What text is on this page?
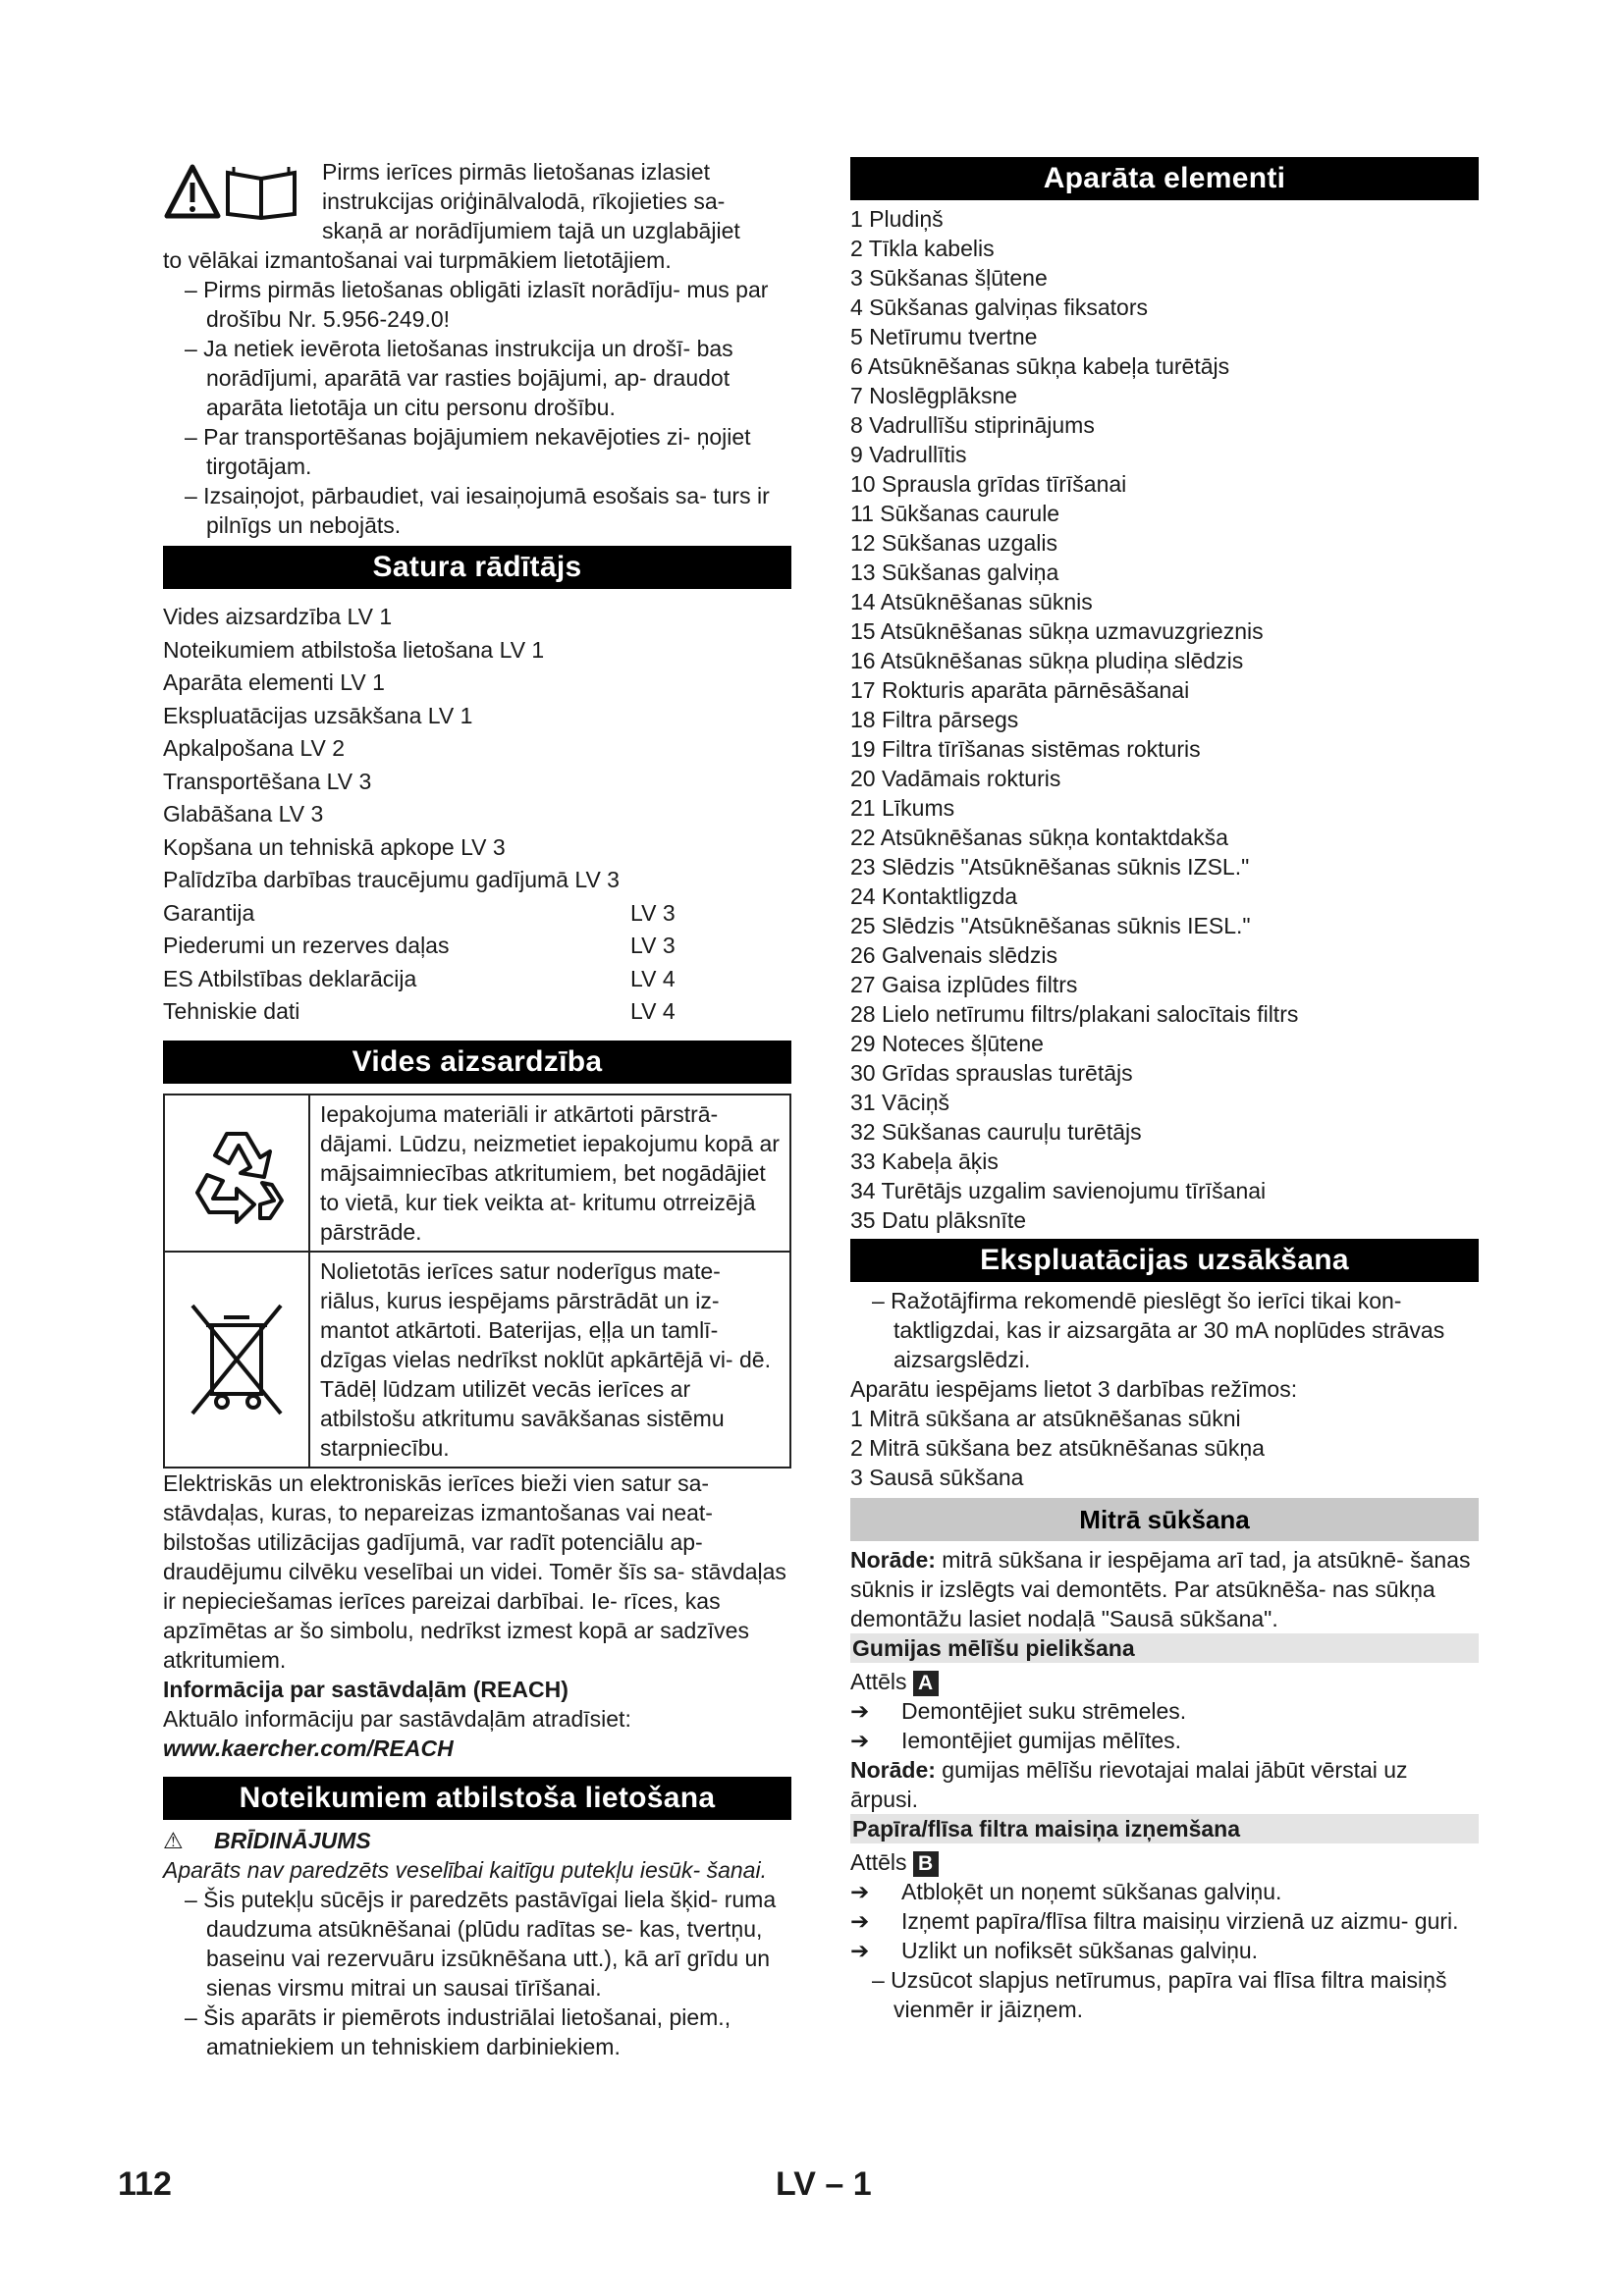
Pirms ierīces pirmās lietošanas izlasiet

instrukcijas oriģinālvalodā, rīkojieties sa-

skaņā ar norādījumiem tajā un uzglabājiet

to vēlākai izmantošanai vai turpmākiem lietotājiem.

– Pirms pirmās lietošanas obligāti izlasīt norādīju- mus par drošību Nr. 5.956-249.0!

– Ja netiek ievērota lietošanas instrukcija un drošī- bas norādījumi, aparātā var rasties bojājumi, ap- draudot aparāta lietotāja un citu personu drošību.

– Par transportēšanas bojājumiem nekavējoties zi- ņojiet tirgotājam.

– Izsaiņojot, pārbaudiet, vai iesaiņojumā esošais sa- turs ir pilnīgs un nebojāts.

Satura rādītājs
Vides aizsardzība LV 1
Noteikumiem atbilstoša lietošana LV 1
Aparāta elementi LV 1
Ekspluatācijas uzsākšana LV 1
Apkalpošana LV 2
Transportēšana LV 3
Glabāšana LV 3
Kopšana un tehniskā apkope LV 3
Palīdzība darbības traucējumu gadījumā LV 3
Garantija	LV 3
Piederumi un rezerves daļas	LV 3
ES Atbilstības deklarācija	LV 4
Tehniskie dati	LV 4
Vides aizsardzība
Iepakojuma materiāli ir atkārtoti pārstrā- dājami. Lūdzu, neizmetiet iepakojumu kopā ar mājsaimniecības atkritumiem, bet nogādājiet to vietā, kur tiek veikta at- kritumu otrreizējā pārstrāde.
Nolietotās ierīces satur noderīgus mate- riālus, kurus iespējams pārstrādāt un iz- mantot atkārtoti. Baterijas, eļļa un tamlī- dzīgas vielas nedrīkst noklūt apkārtējā vi- dē. Tādēļ lūdzam utilizēt vecās ierīces ar atbilstošu atkritumu savākšanas sistēmu starpniecību.

Elektriskās un elektroniskās ierīces bieži vien satur sa- stāvdaļas, kuras, to nepareizas izmantošanas vai neat- bilstošas utilizācijas gadījumā, var radīt potenciālu ap- draudējumu cilvēku veselībai un videi. Tomēr šīs sa- stāvdaļas ir nepieciešamas ierīces pareizai darbībai. Ie- rīces, kas apzīmētas ar šo simbolu, nedrīkst izmest kopā ar sadzīves atkritumiem.

Informācija par sastāvdaļām (REACH)

Aktuālo informāciju par sastāvdaļām atradīsiet:

www.kaercher.com/REACH

Noteikumiem atbilstoša lietošana
⚠	BRĪDINĀJUMS

Aparāts nav paredzēts veselībai kaitīgu putekļu iesūk- šanai.

– Šis putekļu sūcējs ir paredzēts pastāvīgai liela šķid- ruma daudzuma atsūknēšanai (plūdu radītas se- kas, tvertņu, baseinu vai rezervuāru izsūknēšana utt.), kā arī grīdu un sienas virsmu mitrai un sausai tīrīšanai.

– Šis aparāts ir piemērots industriālai lietošanai, piem., amatniekiem un tehniskiem darbiniekiem.

Aparāta elementi

1 Pludiņš

2 Tīkla kabelis

3 Sūkšanas šļūtene

4 Sūkšanas galviņas fiksators

5 Netīrumu tvertne

6 Atsūknēšanas sūkņa kabeļa turētājs

7 Noslēgplāksne

8 Vadrullīšu stiprinājums

9 Vadrullītis

10 Sprausla grīdas tīrīšanai

11 Sūkšanas caurule

12 Sūkšanas uzgalis

13 Sūkšanas galviņa

14 Atsūknēšanas sūknis

15 Atsūknēšanas sūkņa uzmavuzgrieznis

16 Atsūknēšanas sūkņa pludiņa slēdzis

17 Rokturis aparāta pārnēsāšanai

18 Filtra pārsegs

19 Filtra tīrīšanas sistēmas rokturis

20 Vadāmais rokturis

21 Līkums

22 Atsūknēšanas sūkņa kontaktdakša

23 Slēdzis "Atsūknēšanas sūknis IZSL."

24 Kontaktligzda

25 Slēdzis "Atsūknēšanas sūknis IESL."

26 Galvenais slēdzis

27 Gaisa izplūdes filtrs

28 Lielo netīrumu filtrs/plakani salocītais filtrs

29 Noteces šļūtene

30 Grīdas sprauslas turētājs

31 Vāciņš

32 Sūkšanas cauruļu turētājs

33 Kabeļa āķis

34 Turētājs uzgalim savienojumu tīrīšanai

35 Datu plāksnīte

Ekspluatācijas uzsākšana

– Ražotājfirma rekomendē pieslēgt šo ierīci tikai kon- taktligzdai, kas ir aizsargāta ar 30 mA noplūdes strāvas aizsargslēdzi.

Aparātu iespējams lietot 3 darbības režīmos:

1 Mitrā sūkšana ar atsūknēšanas sūkni

2 Mitrā sūkšana bez atsūknēšanas sūkņa

3 Sausā sūkšana

Mitrā sūkšana

Norāde: mitrā sūkšana ir iespējama arī tad, ja atsūknē- šanas sūknis ir izslēgts vai demontēts. Par atsūknēša- nas sūkņa demontāžu lasiet nodaļā "Sausā sūkšana".

Gumijas mēlīšu pielikšana

Attēls A

➔	Demontējiet suku strēmeles.
➔	Iemontējiet gumijas mēlītes.

Norāde: gumijas mēlīšu rievotajai malai jābūt vērstai uz ārpusi.

Papīra/flīsa filtra maisiņa izņemšana

Attēls B

➔	Atbloķēt un noņemt sūkšanas galviņu.
➔	Izņemt papīra/flīsa filtra maisiņu virzienā uz aizmu- guri.
➔	Uzlikt un nofiksēt sūkšanas galviņu.

– Uzsūcot slapjus netīrumus, papīra vai flīsa filtra maisiņš vienmēr ir jāizņem.

112	LV – 1
